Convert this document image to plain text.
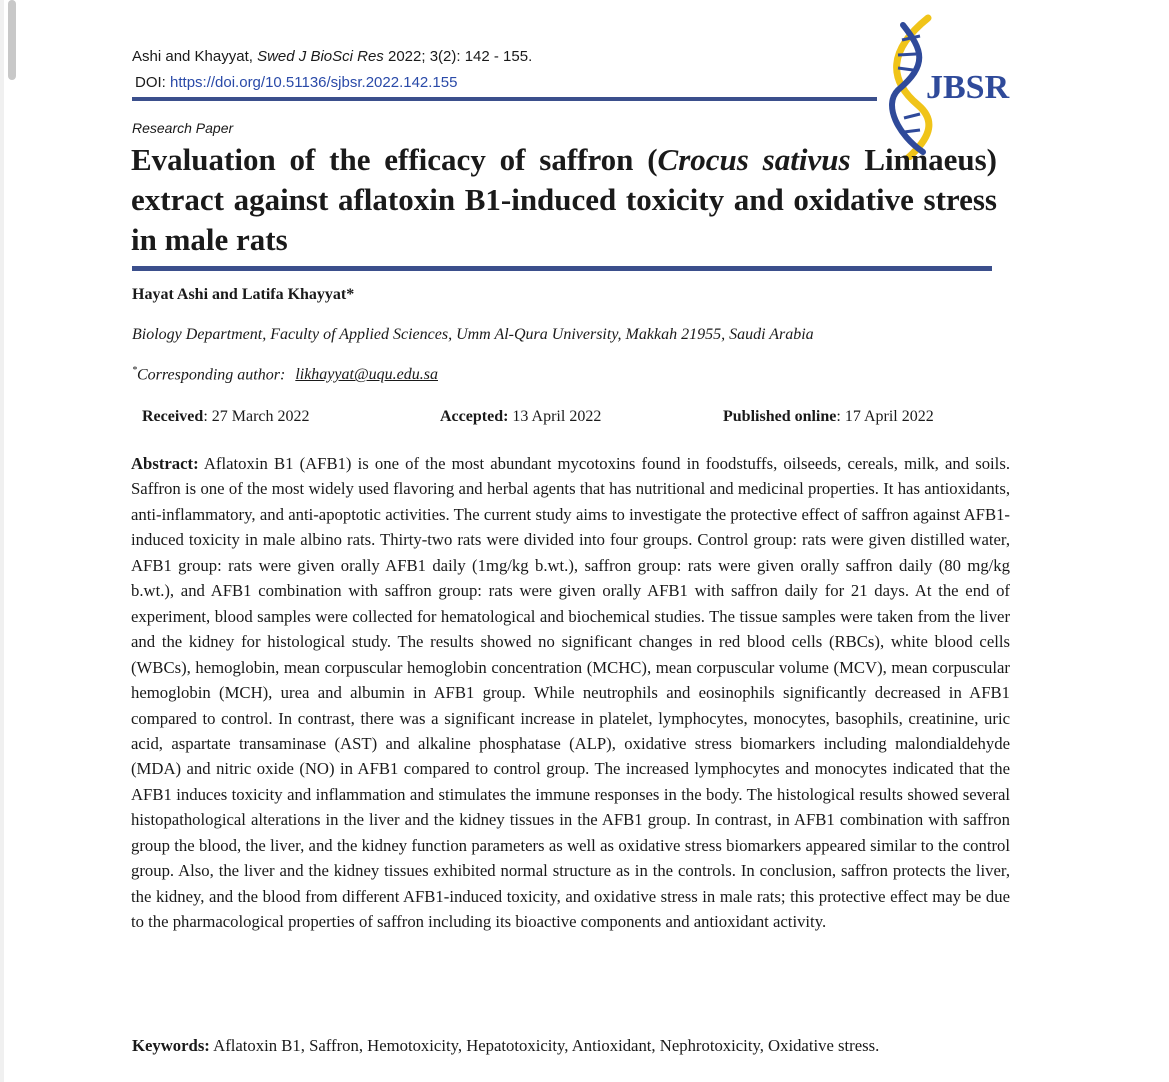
Ashi and Khayyat, Swed J BioSci Res 2022; 3(2): 142 - 155.
DOI: https://doi.org/10.51136/sjbsr.2022.142.155	JBSR
Research Paper
Evaluation of the efficacy of saffron (Crocus sativus Linnaeus) extract against aflatoxin B1-induced toxicity and oxidative stress in male rats
Hayat Ashi and Latifa Khayyat*
Biology Department, Faculty of Applied Sciences, Umm Al-Qura University, Makkah 21955, Saudi Arabia
*Corresponding author: likhayyat@uqu.edu.sa
Received: 27 March 2022	Accepted: 13 April 2022	Published online: 17 April 2022

Abstract: Aflatoxin B1 (AFB1) is one of the most abundant mycotoxins found in foodstuffs, oilseeds, cereals, milk, and soils. Saffron is one of the most widely used flavoring and herbal agents that has nutritional and medicinal properties. It has antioxidants, anti-inflammatory, and anti-apoptotic activities. The current study aims to investigate the protective effect of saffron against AFB1-induced toxicity in male albino rats. Thirty-two rats were divided into four groups. Control group: rats were given distilled water, AFB1 group: rats were given orally AFB1 daily (1mg/kg b.wt.), saffron group: rats were given orally saffron daily (80 mg/kg b.wt.), and AFB1 combination with saffron group: rats were given orally AFB1 with saffron daily for 21 days. At the end of experiment, blood samples were collected for hematological and biochemical studies. The tissue samples were taken from the liver and the kidney for histological study. The results showed no significant changes in red blood cells (RBCs), white blood cells (WBCs), hemoglobin, mean corpuscular hemoglobin concentration (MCHC), mean corpuscular volume (MCV), mean corpuscular hemoglobin (MCH), urea and albumin in AFB1 group. While neutrophils and eosinophils significantly decreased in AFB1 compared to control. In contrast, there was a significant increase in platelet, lymphocytes, monocytes, basophils, creatinine, uric acid, aspartate transaminase (AST) and alkaline phosphatase (ALP), oxidative stress biomarkers including malondialdehyde (MDA) and nitric oxide (NO) in AFB1 compared to control group. The increased lymphocytes and monocytes indicated that the AFB1 induces toxicity and inflammation and stimulates the immune responses in the body. The histological results showed several histopathological alterations in the liver and the kidney tissues in the AFB1 group. In contrast, in AFB1 combination with saffron group the blood, the liver, and the kidney function parameters as well as oxidative stress biomarkers appeared similar to the control group. Also, the liver and the kidney tissues exhibited normal structure as in the controls. In conclusion, saffron protects the liver, the kidney, and the blood from different AFB1-induced toxicity, and oxidative stress in male rats; this protective effect may be due to the pharmacological properties of saffron including its bioactive components and antioxidant activity.

Keywords: Aflatoxin B1, Saffron, Hemotoxicity, Hepatotoxicity, Antioxidant, Nephrotoxicity, Oxidative stress.
